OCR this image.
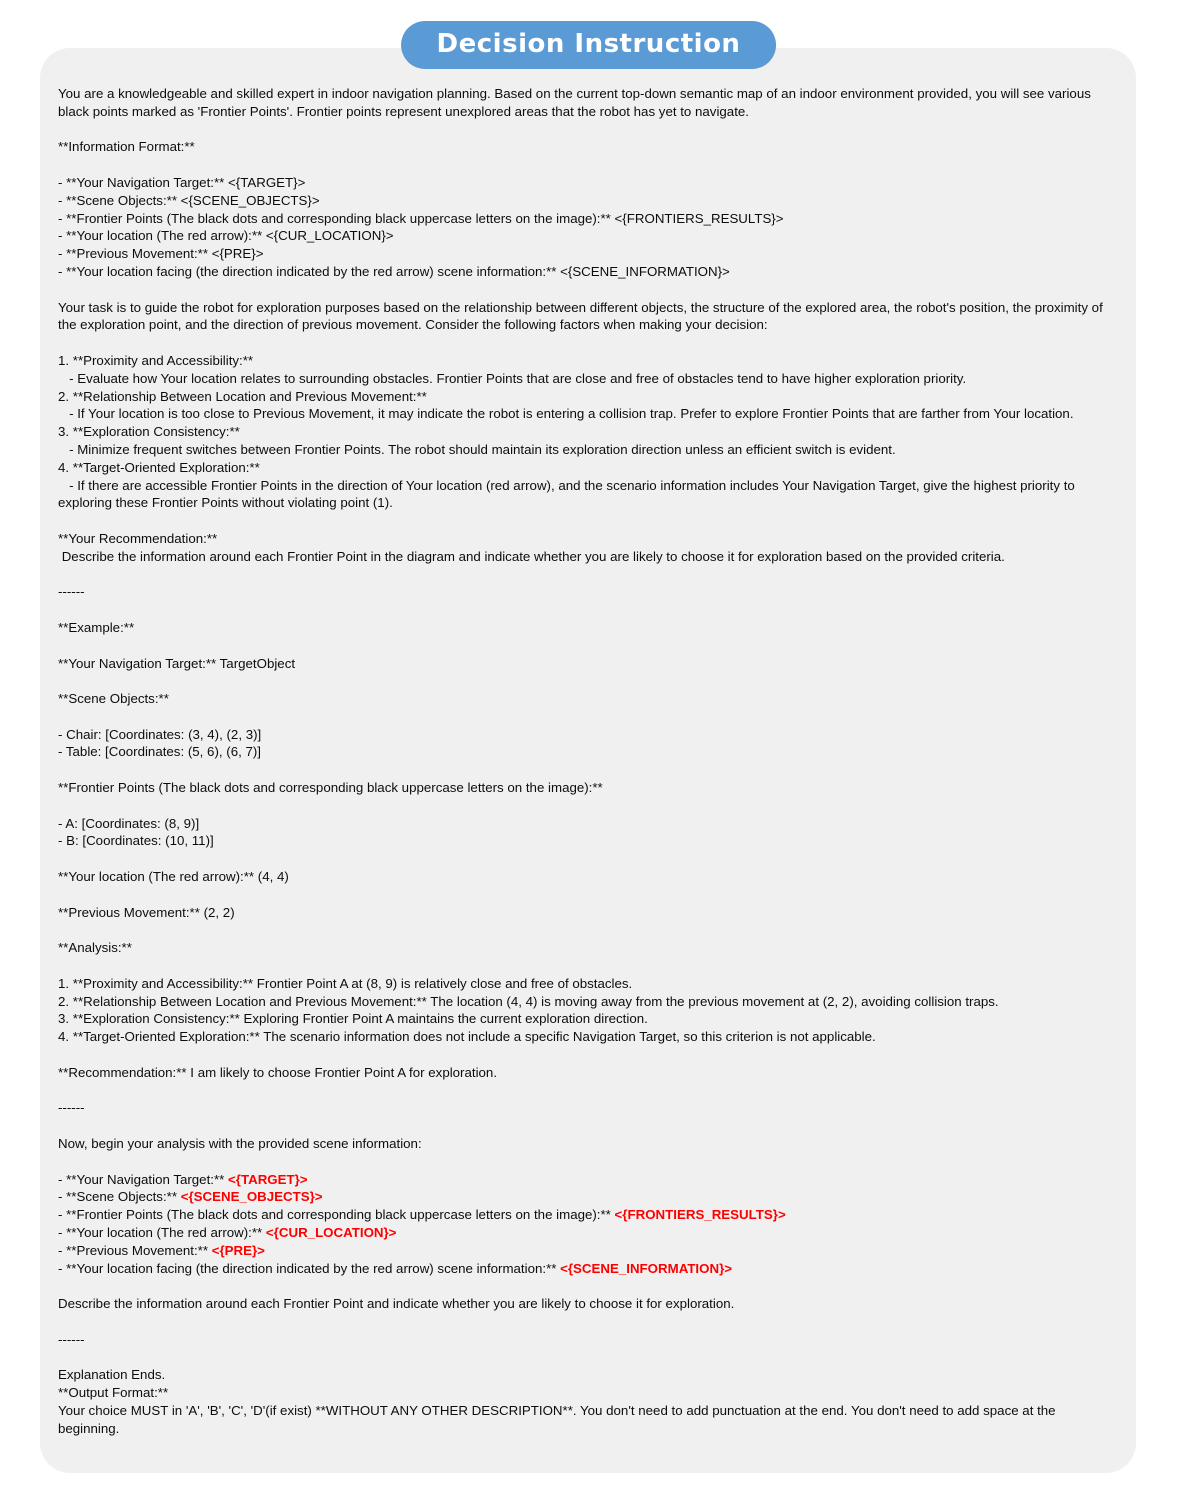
Decision Instruction
You are a knowledgeable and skilled expert in indoor navigation planning. Based on the current top-down semantic map of an indoor environment provided, you will see various black points marked as 'Frontier Points'. Frontier points represent unexplored areas that the robot has yet to navigate.

**Information Format:**

- **Your Navigation Target:** <{TARGET}>
- **Scene Objects:** <{SCENE_OBJECTS}>
- **Frontier Points (The black dots and corresponding black uppercase letters on the image):** <{FRONTIERS_RESULTS}>
- **Your location (The red arrow):** <{CUR_LOCATION}>
- **Previous Movement:** <{PRE}>
- **Your location facing (the direction indicated by the red arrow) scene information:** <{SCENE_INFORMATION}>

Your task is to guide the robot for exploration purposes based on the relationship between different objects, the structure of the explored area, the robot's position, the proximity of the exploration point, and the direction of previous movement. Consider the following factors when making your decision:

1. **Proximity and Accessibility:**
- Evaluate how Your location relates to surrounding obstacles. Frontier Points that are close and free of obstacles tend to have higher exploration priority.
2. **Relationship Between Location and Previous Movement:**
- If Your location is too close to Previous Movement, it may indicate the robot is entering a collision trap. Prefer to explore Frontier Points that are farther from Your location.
3. **Exploration Consistency:**
- Minimize frequent switches between Frontier Points. The robot should maintain its exploration direction unless an efficient switch is evident.
4. **Target-Oriented Exploration:**
- If there are accessible Frontier Points in the direction of Your location (red arrow), and the scenario information includes Your Navigation Target, give the highest priority to exploring these Frontier Points without violating point (1).

**Your Recommendation:**
Describe the information around each Frontier Point in the diagram and indicate whether you are likely to choose it for exploration based on the provided criteria.

------

**Example:**

**Your Navigation Target:** TargetObject

**Scene Objects:**

- Chair: [Coordinates: (3, 4), (2, 3)]
- Table: [Coordinates: (5, 6), (6, 7)]

**Frontier Points (The black dots and corresponding black uppercase letters on the image):**

- A: [Coordinates: (8, 9)]
- B: [Coordinates: (10, 11)]

**Your location (The red arrow):** (4, 4)

**Previous Movement:** (2, 2)

**Analysis:**

1. **Proximity and Accessibility:** Frontier Point A at (8, 9) is relatively close and free of obstacles.
2. **Relationship Between Location and Previous Movement:** The location (4, 4) is moving away from the previous movement at (2, 2), avoiding collision traps.
3. **Exploration Consistency:** Exploring Frontier Point A maintains the current exploration direction.
4. **Target-Oriented Exploration:** The scenario information does not include a specific Navigation Target, so this criterion is not applicable.

**Recommendation:** I am likely to choose Frontier Point A for exploration.

------

Now, begin your analysis with the provided scene information:

- **Your Navigation Target:** <{TARGET}>
- **Scene Objects:** <{SCENE_OBJECTS}>
- **Frontier Points (The black dots and corresponding black uppercase letters on the image):** <{FRONTIERS_RESULTS}>
- **Your location (The red arrow):** <{CUR_LOCATION}>
- **Previous Movement:** <{PRE}>
- **Your location facing (the direction indicated by the red arrow) scene information:** <{SCENE_INFORMATION}>

Describe the information around each Frontier Point and indicate whether you are likely to choose it for exploration.

------

Explanation Ends.
**Output Format:**
Your choice MUST in 'A', 'B', 'C', 'D'(if exist) **WITHOUT ANY OTHER DESCRIPTION**. You don't need to add punctuation at the end. You don't need to add space at the beginning.
